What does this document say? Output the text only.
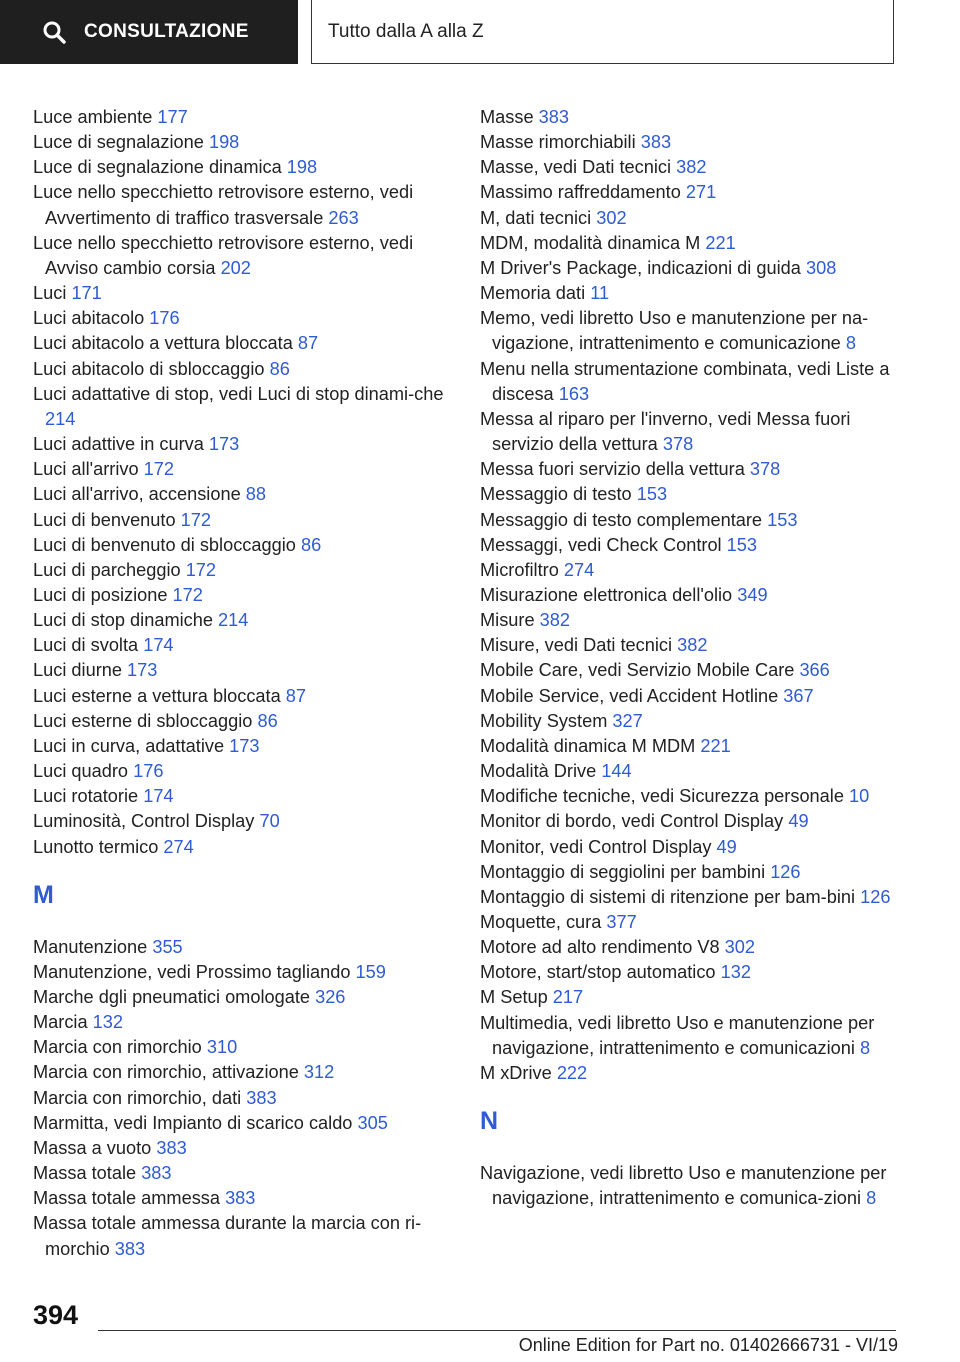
CONSULTAZIONE	Tutto dalla A alla Z
Luce ambiente 177
Luce di segnalazione 198
Luce di segnalazione dinamica 198
Luce nello specchietto retrovisore esterno, vedi Avvertimento di traffico trasversale 263
Luce nello specchietto retrovisore esterno, vedi Avviso cambio corsia 202
Luci 171
Luci abitacolo 176
Luci abitacolo a vettura bloccata 87
Luci abitacolo di sbloccaggio 86
Luci adattative di stop, vedi Luci di stop dinami-che 214
Luci adattive in curva 173
Luci all'arrivo 172
Luci all'arrivo, accensione 88
Luci di benvenuto 172
Luci di benvenuto di sbloccaggio 86
Luci di parcheggio 172
Luci di posizione 172
Luci di stop dinamiche 214
Luci di svolta 174
Luci diurne 173
Luci esterne a vettura bloccata 87
Luci esterne di sbloccaggio 86
Luci in curva, adattative 173
Luci quadro 176
Luci rotatorie 174
Luminosità, Control Display 70
Lunotto termico 274
M
Manutenzione 355
Manutenzione, vedi Prossimo tagliando 159
Marche dgli pneumatici omologate 326
Marcia 132
Marcia con rimorchio 310
Marcia con rimorchio, attivazione 312
Marcia con rimorchio, dati 383
Marmitta, vedi Impianto di scarico caldo 305
Massa a vuoto 383
Massa totale 383
Massa totale ammessa 383
Massa totale ammessa durante la marcia con ri-morchio 383
Masse 383
Masse rimorchiabili 383
Masse, vedi Dati tecnici 382
Massimo raffreddamento 271
M, dati tecnici 302
MDM, modalità dinamica M 221
M Driver's Package, indicazioni di guida 308
Memoria dati 11
Memo, vedi libretto Uso e manutenzione per na-vigazione, intrattenimento e comunicazione 8
Menu nella strumentazione combinata, vedi Liste a discesa 163
Messa al riparo per l'inverno, vedi Messa fuori servizio della vettura 378
Messa fuori servizio della vettura 378
Messaggio di testo 153
Messaggio di testo complementare 153
Messaggi, vedi Check Control 153
Microfiltro 274
Misurazione elettronica dell'olio 349
Misure 382
Misure, vedi Dati tecnici 382
Mobile Care, vedi Servizio Mobile Care 366
Mobile Service, vedi Accident Hotline 367
Mobility System 327
Modalità dinamica M MDM 221
Modalità Drive 144
Modifiche tecniche, vedi Sicurezza personale 10
Monitor di bordo, vedi Control Display 49
Monitor, vedi Control Display 49
Montaggio di seggiolini per bambini 126
Montaggio di sistemi di ritenzione per bam-bini 126
Moquette, cura 377
Motore ad alto rendimento V8 302
Motore, start/stop automatico 132
M Setup 217
Multimedia, vedi libretto Uso e manutenzione per navigazione, intrattenimento e comunicazioni 8
M xDrive 222
N
Navigazione, vedi libretto Uso e manutenzione per navigazione, intrattenimento e comunica-zioni 8
394
Online Edition for Part no. 01402666731 - VI/19
